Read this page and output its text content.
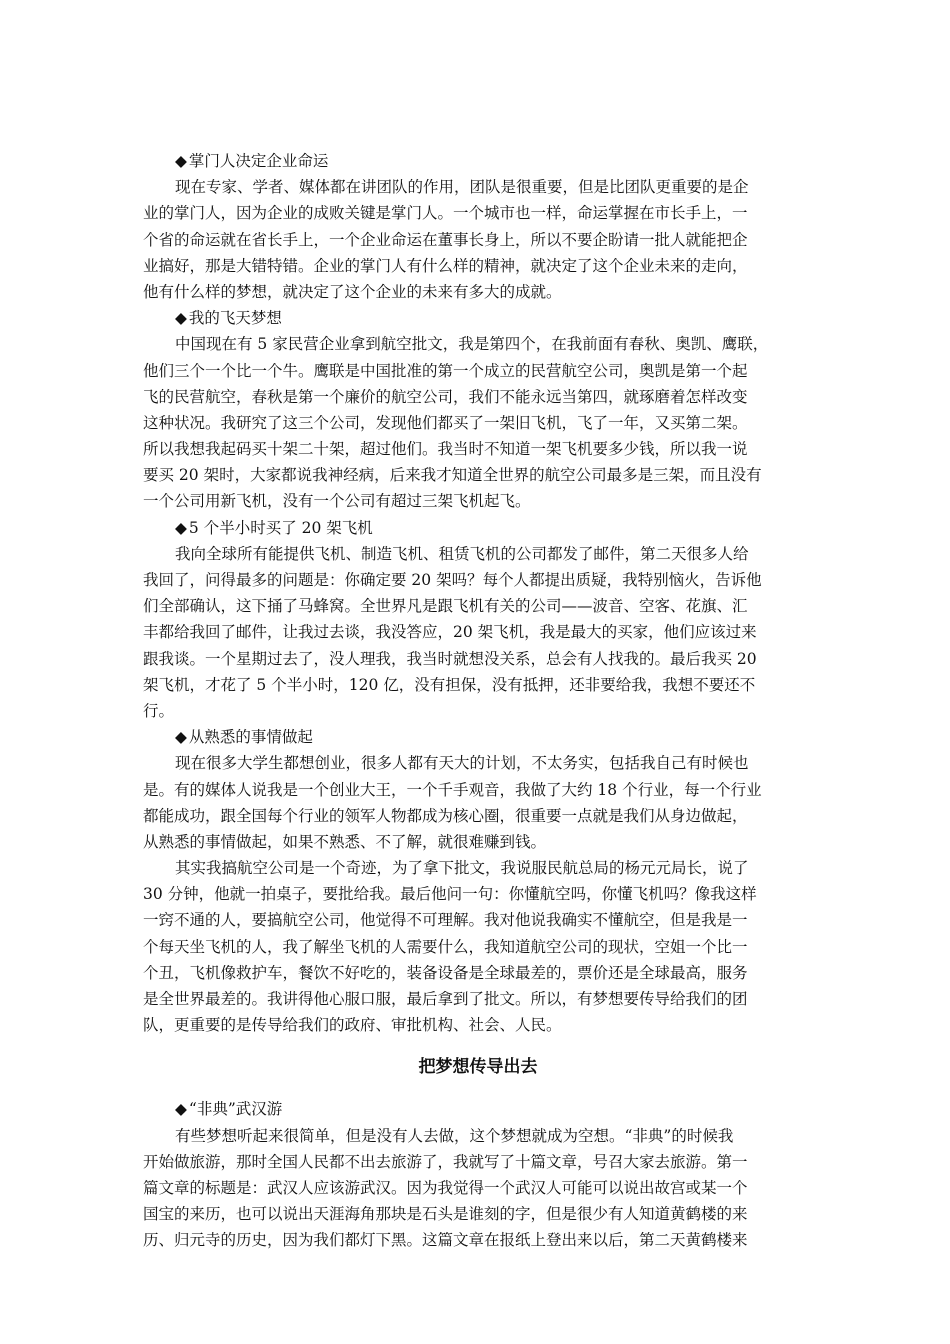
◆ 掌门人决定企业命运
现在专家、学者、媒体都在讲团队的作用，团队是很重要，但是比团队更重要的是企
业的掌门人，因为企业的成败关键是掌门人。一个城市也一样，命运掌握在市长手上，一
个省的命运就在省长手上，一个企业命运在董事长身上，所以不要企盼请一批人就能把企
业搞好，那是大错特错。企业的掌门人有什么样的精神，就决定了这个企业未来的走向，
他有什么样的梦想，就决定了这个企业的未来有多大的成就。
◆ 我的飞天梦想
中国现在有 5 家民营企业拿到航空批文，我是第四个，在我前面有春秋、奥凯、鹰联，
他们三个一个比一个牛。鹰联是中国批准的第一个成立的民营航空公司，奥凯是第一个起
飞的民营航空，春秋是第一个廉价的航空公司，我们不能永远当第四，就琢磨着怎样改变
这种状况。我研究了这三个公司，发现他们都买了一架旧飞机，飞了一年，又买第二架。
所以我想我起码买十架二十架，超过他们。我当时不知道一架飞机要多少钱，所以我一说
要买 20 架时，大家都说我神经病，后来我才知道全世界的航空公司最多是三架，而且没有
一个公司用新飞机，没有一个公司有超过三架飞机起飞。
◆ 5 个半小时买了 20 架飞机
我向全球所有能提供飞机、制造飞机、租赁飞机的公司都发了邮件，第二天很多人给
我回了，问得最多的问题是：你确定要 20 架吗？每个人都提出质疑，我特别恼火，告诉他
们全部确认，这下捅了马蜂窝。全世界凡是跟飞机有关的公司——波音、空客、花旗、汇
丰都给我回了邮件，让我过去谈，我没答应，20 架飞机，我是最大的买家，他们应该过来
跟我谈。一个星期过去了，没人理我，我当时就想没关系，总会有人找我的。最后我买 20
架飞机，才花了 5 个半小时，120 亿，没有担保，没有抵押，还非要给我，我想不要还不
行。
◆ 从熟悉的事情做起
现在很多大学生都想创业，很多人都有天大的计划，不太务实，包括我自己有时候也
是。有的媒体人说我是一个创业大王，一个千手观音，我做了大约 18 个行业，每一个行业
都能成功，跟全国每个行业的领军人物都成为核心圈，很重要一点就是我们从身边做起，
从熟悉的事情做起，如果不熟悉、不了解，就很难赚到钱。
其实我搞航空公司是一个奇迹，为了拿下批文，我说服民航总局的杨元元局长，说了
30 分钟，他就一拍桌子，要批给我。最后他问一句：你懂航空吗，你懂飞机吗？像我这样
一窍不通的人，要搞航空公司，他觉得不可理解。我对他说我确实不懂航空，但是我是一
个每天坐飞机的人，我了解坐飞机的人需要什么，我知道航空公司的现状，空姐一个比一
个丑，飞机像救护车，餐饮不好吃的，装备设备是全球最差的，票价还是全球最高，服务
是全世界最差的。我讲得他心服口服，最后拿到了批文。所以，有梦想要传导给我们的团
队，更重要的是传导给我们的政府、审批机构、社会、人民。
把梦想传导出去
◆ “非典”武汉游
有些梦想听起来很简单，但是没有人去做，这个梦想就成为空想。“非典”的时候我
开始做旅游，那时全国人民都不出去旅游了，我就写了十篇文章，号召大家去旅游。第一
篇文章的标题是：武汉人应该游武汉。因为我觉得一个武汉人可能可以说出故宫或某一个
国宝的来历，也可以说出天涯海角那块是石头是谁刻的字，但是很少有人知道黄鹤楼的来
历、归元寺的历史，因为我们都灯下黑。这篇文章在报纸上登出来以后，第二天黄鹤楼来
